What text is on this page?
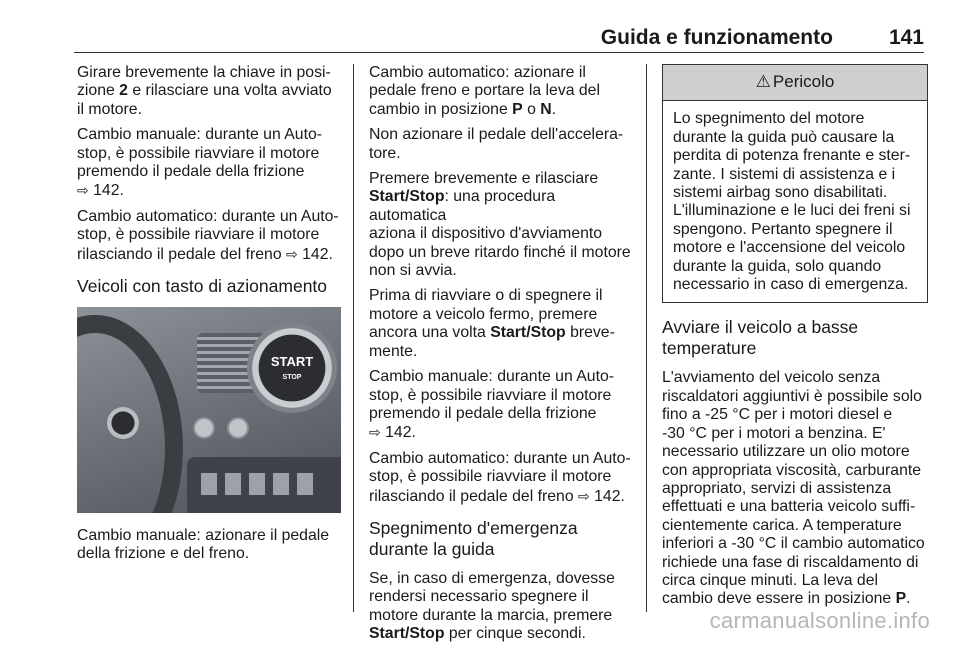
Guida e funzionamento	141

Girare brevemente la chiave in posi-
zione 2 e rilasciare una volta avviato
il motore.

Cambio manuale: durante un Auto-
stop, è possibile riavviare il motore
premendo il pedale della frizione
⇨ 142.

Cambio automatico: durante un Auto-
stop, è possibile riavviare il motore
rilasciando il pedale del freno ⇨ 142.

Veicoli con tasto di azionamento
START
STOP

Cambio manuale: azionare il pedale
della frizione e del freno.

Cambio automatico: azionare il
pedale freno e portare la leva del
cambio in posizione P o N.

Non azionare il pedale dell'accelera-
tore.

Premere brevemente e rilasciare
Start/Stop: una procedura automatica
aziona il dispositivo d'avviamento
dopo un breve ritardo finché il motore
non si avvia.

Prima di riavviare o di spegnere il
motore a veicolo fermo, premere
ancora una volta Start/Stop breve-
mente.

Cambio manuale: durante un Auto-
stop, è possibile riavviare il motore
premendo il pedale della frizione
⇨ 142.

Cambio automatico: durante un Auto-
stop, è possibile riavviare il motore
rilasciando il pedale del freno ⇨ 142.

Spegnimento d'emergenza
durante la guida

Se, in caso di emergenza, dovesse
rendersi necessario spegnere il
motore durante la marcia, premere
Start/Stop per cinque secondi.

⚠ Pericolo
Lo spegnimento del motore
durante la guida può causare la
perdita di potenza frenante e ster-
zante. I sistemi di assistenza e i
sistemi airbag sono disabilitati.
L'illuminazione e le luci dei freni si
spengono. Pertanto spegnere il
motore e l'accensione del veicolo
durante la guida, solo quando
necessario in caso di emergenza.
Avviare il veicolo a basse
temperature

L'avviamento del veicolo senza
riscaldatori aggiuntivi è possibile solo
fino a -25 °C per i motori diesel e
-30 °C per i motori a benzina. E'
necessario utilizzare un olio motore
con appropriata viscosità, carburante
appropriato, servizi di assistenza
effettuati e una batteria veicolo suffi-
cientemente carica. A temperature
inferiori a -30 °C il cambio automatico
richiede una fase di riscaldamento di
circa cinque minuti. La leva del
cambio deve essere in posizione P.

carmanualsonline.info
